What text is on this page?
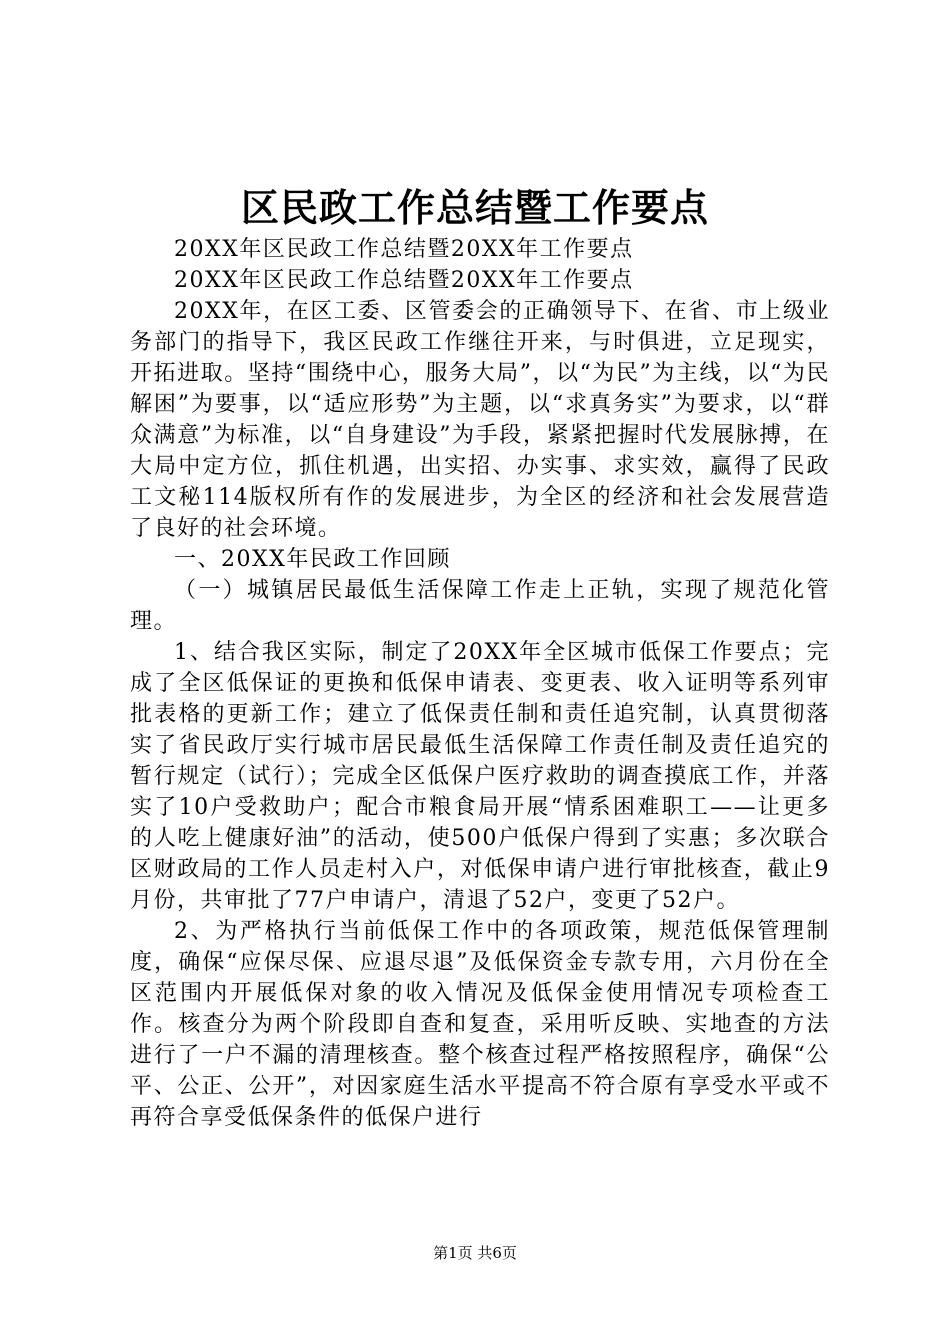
区民政工作总结暨工作要点

20XX年区民政工作总结暨20XX年工作要点

20XX年区民政工作总结暨20XX年工作要点

20XX年，在区工委、区管委会的正确领导下、在省、市上级业务部门的指导下，我区民政工作继往开来，与时俱进，立足现实，开拓进取。坚持“围绕中心，服务大局”，以“为民”为主线，以“为民解困”为要事，以“适应形势”为主题，以“求真务实”为要求，以“群众满意”为标准，以“自身建设”为手段，紧紧把握时代发展脉搏，在大局中定方位，抓住机遇，出实招、办实事、求实效，赢得了民政工文秘114版权所有作的发展进步，为全区的经济和社会发展营造了良好的社会环境。

一、20XX年民政工作回顾

（一）城镇居民最低生活保障工作走上正轨，实现了规范化管理。

1、结合我区实际，制定了20XX年全区城市低保工作要点；完成了全区低保证的更换和低保申请表、变更表、收入证明等系列审批表格的更新工作；建立了低保责任制和责任追究制，认真贯彻落实了省民政厅实行城市居民最低生活保障工作责任制及责任追究的暂行规定（试行）；完成全区低保户医疗救助的调查摸底工作，并落实了10户受救助户；配合市粮食局开展“情系困难职工——让更多的人吃上健康好油”的活动，使500户低保户得到了实惠；多次联合区财政局的工作人员走村入户，对低保申请户进行审批核查，截止9月份，共审批了77户申请户，清退了52户，变更了52户。

2、为严格执行当前低保工作中的各项政策，规范低保管理制度，确保“应保尽保、应退尽退”及低保资金专款专用，六月份在全区范围内开展低保对象的收入情况及低保金使用情况专项检查工作。核查分为两个阶段即自查和复查，采用听反映、实地查的方法进行了一户不漏的清理核查。整个核查过程严格按照程序，确保“公平、公正、公开”，对因家庭生活水平提高不符合原有享受水平或不再符合享受低保条件的低保户进行

第1页 共6页
